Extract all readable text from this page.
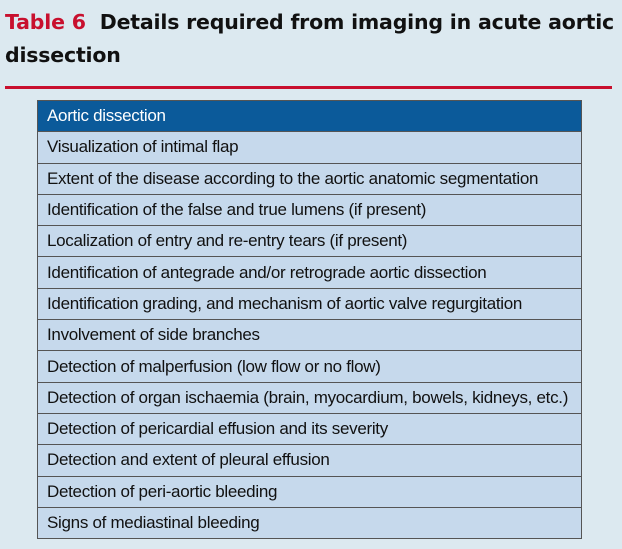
Table 6 Details required from imaging in acute aortic dissection
Aortic dissection
Visualization of intimal flap
Extent of the disease according to the aortic anatomic segmentation
Identification of the false and true lumens (if present)
Localization of entry and re-entry tears (if present)
Identification of antegrade and/or retrograde aortic dissection
Identification grading, and mechanism of aortic valve regurgitation
Involvement of side branches
Detection of malperfusion (low flow or no flow)
Detection of organ ischaemia (brain, myocardium, bowels, kidneys, etc.)
Detection of pericardial effusion and its severity
Detection and extent of pleural effusion
Detection of peri-aortic bleeding
Signs of mediastinal bleeding
